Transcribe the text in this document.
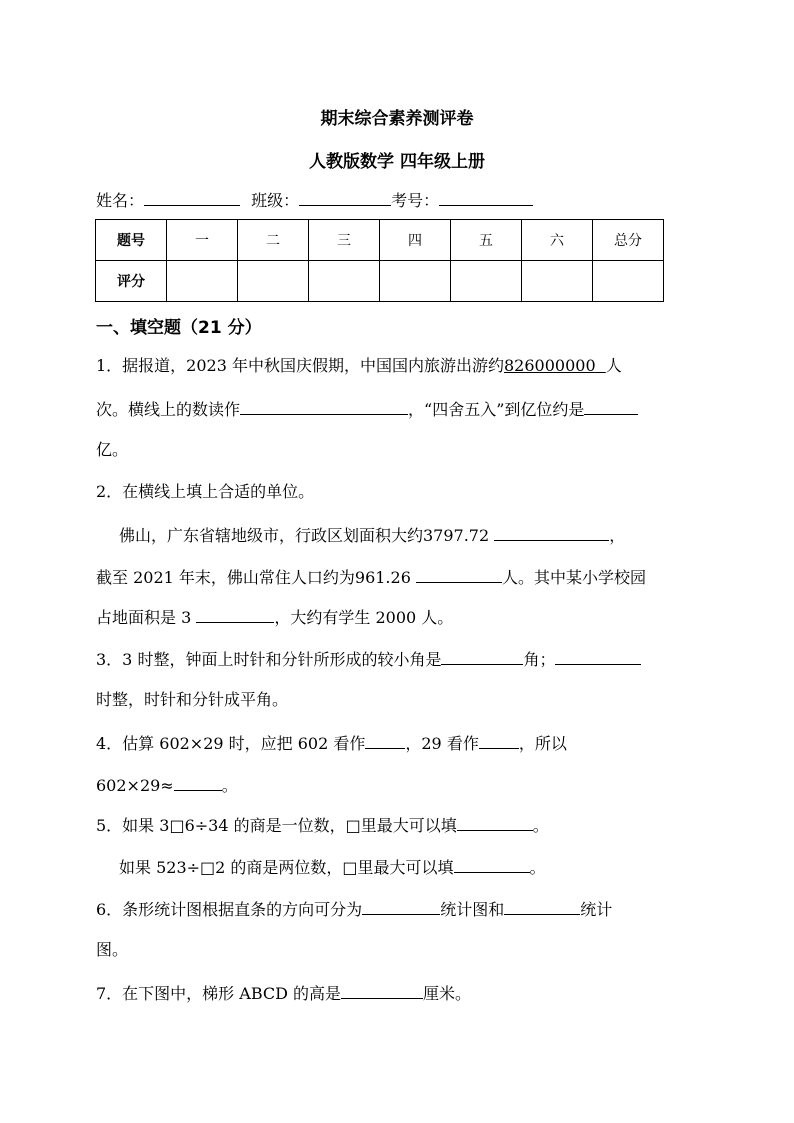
期末综合素养测评卷
人教版数学 四年级上册
姓名：	班级：	考号：
题号	一	二	三	四	五	六	总分
评分							
一、填空题（21 分）
1．据报道，2023 年中秋国庆假期，中国国内旅游出游约826000000 人
次。横线上的数读作	，“四舍五入”到亿位约是
亿。
2．在横线上填上合适的单位。
佛山，广东省辖地级市，行政区划面积大约3797.72	，
截至 2021 年末，佛山常住人口约为961.26	人。其中某小学校园
占地面积是 3	，大约有学生 2000 人。
3．3 时整，钟面上时针和分针所形成的较小角是	角；
时整，时针和分针成平角。
4．估算 602×29 时，应把 602 看作	，29 看作	，所以
602×29≈	。
5．如果 3□6÷34 的商是一位数，□里最大可以填	。
如果 523÷□2 的商是两位数，□里最大可以填	。
6．条形统计图根据直条的方向可分为	统计图和	统计
图。
7．在下图中，梯形 ABCD 的高是	厘米。
